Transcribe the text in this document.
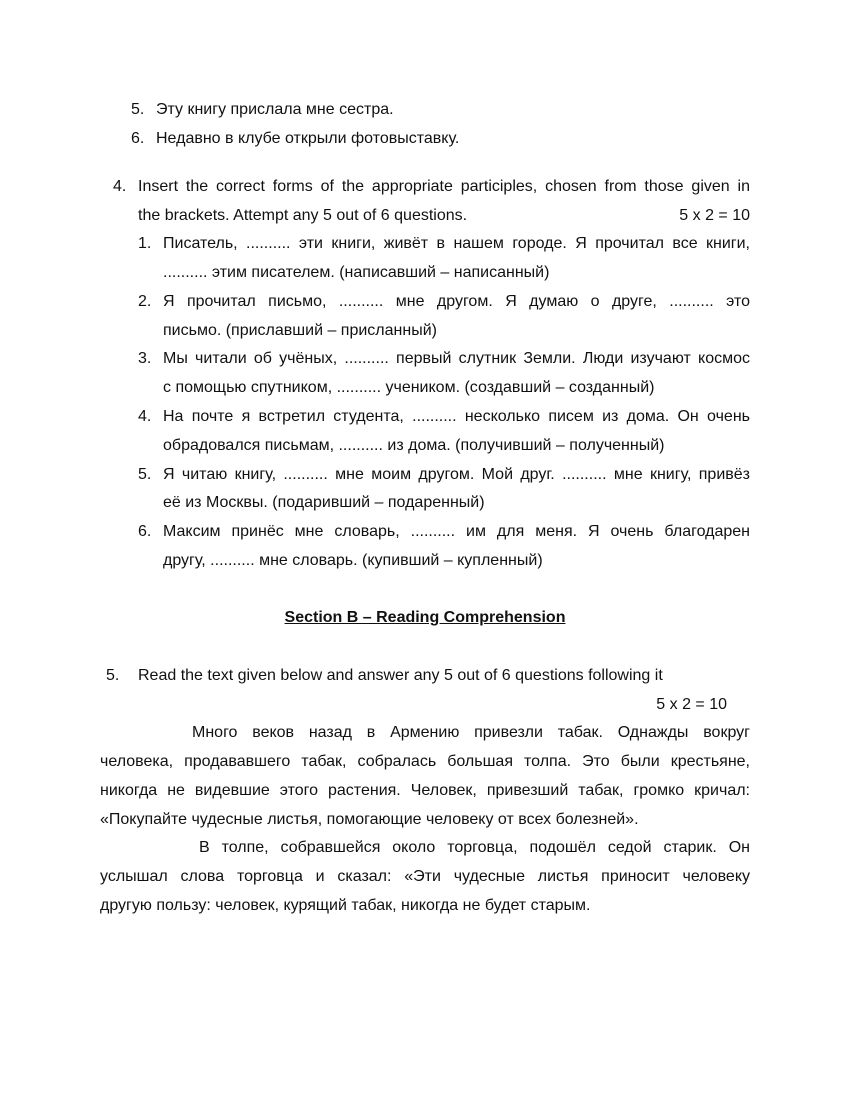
5. Эту книгу прислала мне сестра.
6. Недавно в клубе открыли фотовыставку.
4. Insert the correct forms of the appropriate participles, chosen from those given in
the brackets. Attempt any 5 out of 6 questions.	5 x 2 = 10
1. Писатель, .......... эти книги, живёт в нашем городе. Я прочитал все книги,
.......... этим писателем. (написавший – написанный)
2. Я прочитал письмо, .......... мне другом. Я думаю о друге, .......... это
письмо. (приславший – присланный)
3. Мы читали об учёных, .......... первый слутник Земли. Люди изучают космос
с помощью спутником, .......... учеником. (создавший – созданный)
4. На почте я встретил студента, .......... несколько писем из дома. Он очень
обрадовался письмам, .......... из дома. (получивший – полученный)
5. Я читаю книгу, .......... мне моим другом. Мой друг. .......... мне книгу, привёз
её из Москвы. (подаривший – подаренный)
6. Максим принёс мне словарь, .......... им для меня. Я очень благодарен
другу, .......... мне словарь. (купивший – купленный)
Section B – Reading Comprehension
5. Read the text given below and answer any 5 out of 6 questions following it
5 x 2 = 10
Много веков назад в Армению привезли табак. Однажды вокруг
человека, продававшего табак, собралась большая толпа. Это были крестьяне,
никогда не видевшие этого растения. Человек, привезший табак, громко кричал:
«Покупайте чудесные листья, помогающие человеку от всех болезней».
В толпе, собравшейся около торговца, подошёл седой старик. Он
услышал слова торговца и сказал: «Эти чудесные листья приносит человеку
другую пользу: человек, курящий табак, никогда не будет старым.
